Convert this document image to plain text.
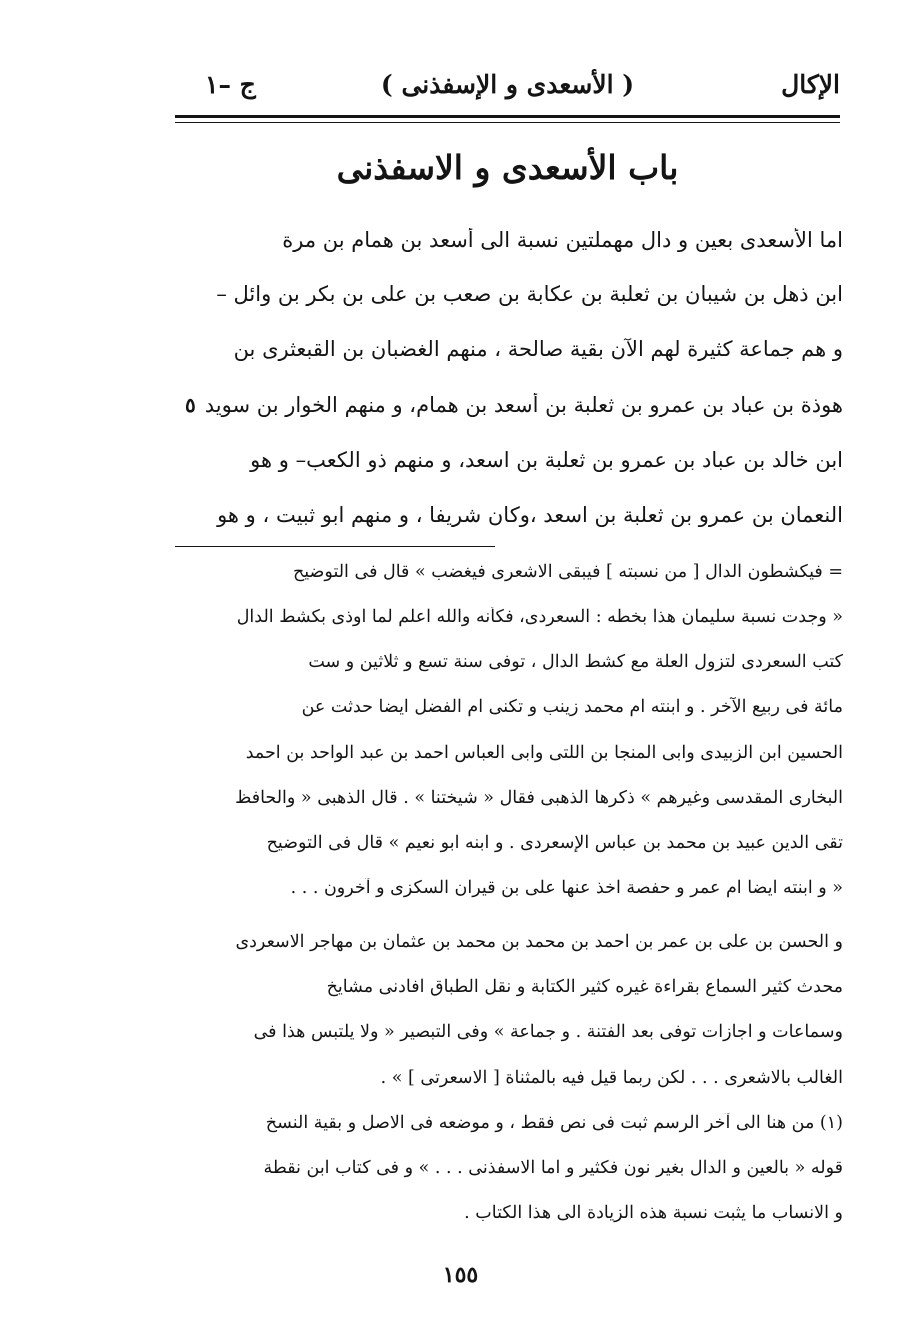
الإكال
( الأسعدى و الإسفذنى )
ج –١
باب الأسعدى و الاسفذنى
اما الأسعدى بعين و دال مهملتين نسبة الى أسعد بن همام بن مرة
ابن ذهل بن شيبان بن ثعلبة بن عكابة بن صعب بن على بن بكر بن وائل –
و هم جماعة كثيرة لهم الآن بقية صالحة ، منهم الغضبان بن القبعثرى بن
هوذة بن عباد بن عمرو بن ثعلبة بن أسعد بن همام، و منهم الخوار بن سويد
ابن خالد بن عباد بن عمرو بن ثعلبة بن اسعد، و منهم ذو الكعب– و هو
النعمان بن عمرو بن ثعلبة بن اسعد ،وكان شريفا ، و منهم ابو ثبيت ، و هو
٥
= فيكشطون الدال [ من نسبته ] فيبقى الاشعرى فيغضب » قال فى التوضيح
« وجدت نسبة سليمان هذا بخطه : السعردى، فكأنه والله اعلم لما اوذى بكشط الدال
كتب السعردى لتزول العلة مع كشط الدال ، توفى سنة تسع و ثلاثين و ست
مائة فى ربيع الآخر . و ابنته ام محمد زينب و تكنى ام الفضل ايضا حدثت عن
الحسين ابن الزبيدى وابى المنجا بن اللتى وابى العباس احمد بن عبد الواحد بن احمد
البخارى المقدسى وغيرهم » ذكرها الذهبى فقال « شيختنا » . قال الذهبى « والحافظ
تقى الدين عبيد بن محمد بن عباس الإسعردى . و ابنه ابو نعيم » قال فى التوضيح
« و ابنته ايضا ام عمر و حفصة اخذ عنها على بن قيران السكزى و آخرون . . .
و الحسن بن على بن عمر بن احمد بن محمد بن محمد بن عثمان بن مهاجر الاسعردى
محدث كثير السماع بقراءة غيره كثير الكتابة و نقل الطباق افادنى مشايخ
وسماعات و اجازات توفى بعد الفتنة . و جماعة » وفى التبصير « ولا يلتبس هذا فى
الغالب بالاشعرى . . . لكن ربما قيل فيه بالمثناة [ الاسعرتى ] » .
(١) من هنا الى آخر الرسم ثبت فى نص فقط ، و موضعه فى الاصل و بقية النسخ
قوله « بالعين و الدال بغير نون فكثير و اما الاسفذنى . . . » و فى كتاب ابن نقطة
و الانساب ما يثبت نسبة هذه الزيادة الى هذا الكتاب .
١٥٥
